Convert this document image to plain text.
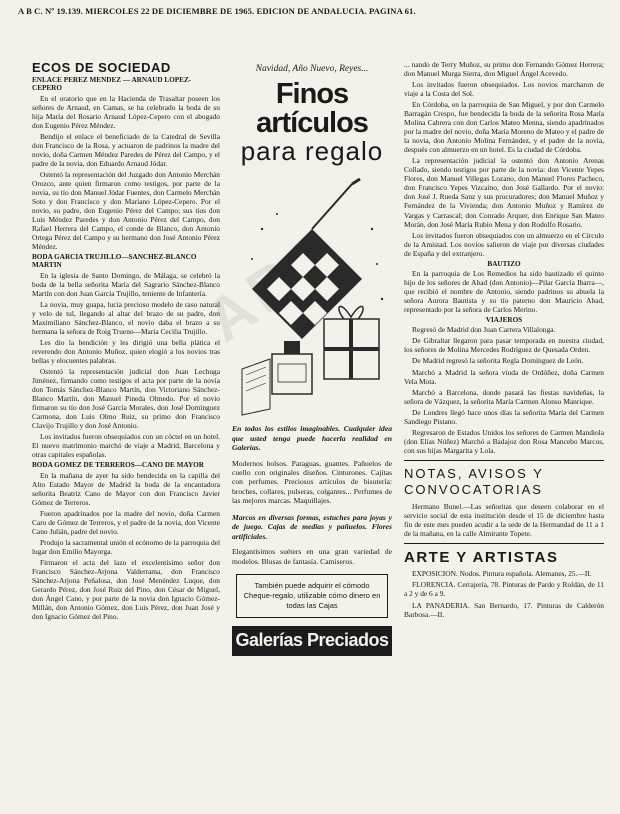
A B C. Nº 19.139. MIERCOLES 22 DE DICIEMBRE DE 1965. EDICION DE ANDALUCIA. PAGINA 61.
ECOS DE SOCIEDAD
ENLACE PEREZ MENDEZ — ARNAUD LOPEZ-CEPERO

En el oratorio que en la Hacienda de Trasaltar poseen los señores de Arnaud, en Camas, se ha celebrado la boda de su hija María del Rosario Arnaud López-Cepero con el abogado don Eugenio Pérez Méndez.

Bendijo el enlace el beneficiado de la Catedral de Sevilla don Francisco de la Rosa, y actuaron de padrinos la madre del novio, doña Carmen Méndez Paredes de Pérez del Campo, y el padre de la novia, don Eduardo Arnaud Jódar.

Ostentó la representación del Juzgado don Antonio Merchán Orozco, ante quien firmaron como testigos, por parte de la novia, su tío don Manuel Jódar Fuentes, don Carmelo Merchán Soto y don Francisco y don Mariano López-Cepero. Por el novio, su padre, don Eugenio Pérez del Campo; sus tíos don Luis Méndez Paredes y don Antonio Pérez del Campo, don Rafael Herrera del Campo, el conde de Blanco, don Antonio Ortega Pérez del Campo y su hermano don José Antonio Pérez Méndez.

BODA GARCIA TRUJILLO—SANCHEZ-BLANCO MARTIN

En la iglesia de Santo Domingo, de Málaga, se celebró la boda de la bella señorita María del Sagrario Sánchez-Blanco Martín con don Juan García Trujillo, teniente de Infantería.

La novia, muy guapa, lucía precioso modelo de raso natural y velo de tul, llegando al altar del brazo de su padre, don Maximiliano Sánchez-Blanco, el novio daba el brazo a su hermana la señora de Roig Trueno—María Cecilia Trujillo.

Les dio la bendición y les dirigió una bella plática el reverendo don Antonio Muñoz, quien elogió a los novios tras bellas y elocuentes palabras.

Ostentó la representación judicial don Juan Lechuga Jiménez, firmando como testigos el acta por parte de la novia don Tomás Sánchez-Blanco Martín, don Victoriano Sánchez-Blanco Martín, don Manuel Pineda Olmedo. Por el novio firmaron su tío don José García Morales, don José Domínguez Carmona, don Luis Olmo Ruiz, su primo don Francisco Clavijo Trujillo y don José Antonio.

Los invitados fueron obsequiados con un cóctel en un hotel. El nuevo matrimonio marchó de viaje a Madrid, Barcelona y otras capitales españolas.

BODA GOMEZ DE TERREROS—CANO DE MAYOR

En la mañana de ayer ha sido bendecida en la capilla del Alto Estado Mayor de Madrid la boda de la encantadora señorita Beatriz Cano de Mayor con don Francisco Javier Gómez de Terreros.

Fueron apadrinados por la madre del novio, doña Carmen Caro de Gómez de Terreros, y el padre de la novia, don Vicente Cano Julián, padre del novio.

Produjo la sacramental unión el ecónomo de la parroquia del lugar don Emilio Mayorga.

Firmaron el acta del lazo el excelentísimo señor don Francisco Sánchez-Arjona Valderrama, don Francisco Sánchez-Arjona Peñalosa, don José Menéndez Luque, don Gerardo Pérez, don José Ruiz del Pino, don César de Miguel, don Ángel Cano, y por parte de la novia don Ignacio Gómez-Millán, don Antonio Gómez, don Luis Pérez, don Juan José y don Ignacio Gómez del Pino.

Navidad, Año Nuevo, Reyes...
Finos artículos
para regalo

En todos los estilos imaginables. Cualquier idea que usted tenga puede hacerla realidad en Galerías.

Modernos bolsos. Paraguas, guantes. Pañuelos de cuello con originales diseños. Cinturones. Cajitas con perfumes. Preciosos artículos de bisutería: broches, collares, pulseras, colgantes... Perfumes de las mejores marcas. Maquillajes.

Marcos en diversas formas, estuches para joyas y de juego. Cajas de medias y pañuelos. Flores artificiales.

Elegantísimos suéters en una gran variedad de modelos. Blusas de fantasía. Camiseros.

También puede adquirir el cómodo Cheque-regalo, utilizable cómo dinero en todas las Cajas
Galerías Preciados

... nando de Terry Muñoz, su primo don Fernando Gómez Herrera; don Manuel Murga Sierra, don Miguel Ángel Acevedo.

Los invitados fueron obsequiados. Los novios marcharon de viaje a la Costa del Sol.

En Córdoba, en la parroquia de San Miguel, y por don Carmelo Barragán Crespo, fue bendecida la boda de la señorita Rosa María Molina Cabrera con don Carlos Mateo Menna, siendo apadrinados por la madre del novio, doña María Moreno de Mateo y el padre de la novia, don Antonio Molina Fernández, y el padre de la novia, después con almuerzo en un hotel. Es la ciudad de Córdoba.

La representación judicial la ostentó don Antonio Arenas Collado, siendo testigos por parte de la novia: don Vicente Yepes Flores, don Manuel Villegas Lozano, don Manuel Flores Pacheco, don Francisco Yepes Vizcaíno, don José Gallardo. Por el novio: don José J. Rueda Sanz y sus procuradores; don Manuel Muñoz y Fernández de la Vivienda; don Antonio Muñoz y Ramírez de Vargas y Carrascal; don Conrado Arquer, don Enrique San Mateo Morán, don José María Rubio Mena y don Rodolfo Rosario.

Los invitados fueron obsequiados con un almuerzo en el Círculo de la Amistad. Los novios salieron de viaje por diversas ciudades de España y del extranjero.

BAUTIZO

En la parroquia de Los Remedios ha sido bautizado el quinto hijo de los señores de Abad (don Antonio)—Pilar García Ibarra—, que recibió el nombre de Antonio, siendo padrinos su abuela la señora Aurora Bautista y su tío paterno don Mauricio Abad, representado por la señora de Carlos Merino.

VIAJEROS

Regresó de Madrid don Juan Carrera Villalonga.

De Gibraltar llegaron para pasar temporada en nuestra ciudad, los señores de Molina Mercedes Rodríguez de Quesada Orden.

De Madrid regresó la señorita Regla Domínguez de León.

Marchó a Madrid la señora viuda de Ordóñez, doña Carmen Vela Mota.

Marchó a Barcelona, donde pasará las fiestas navideñas, la señora de Vázquez, la señorita María Carmen Alonso Manrique.

De Londres llegó hace unos días la señorita María del Carmen Sandiego Pistano.

Regresaron de Estados Unidos los señores de Carmen Mandiola (don Elías Núñez) Marchó a Badajoz don Rosa Mancebo Marcos, con sus hijas Margarita y Lola.

NOTAS, AVISOS Y CONVOCATORIAS

Hermano Bunel.—Las señoritas que deseen colaborar en el servicio social de esta institución desde el 15 de diciembre hasta fin de este mes pueden acudir a la sede de la Hermandad de 11 a 1 de la mañana, en la calle Almirante Topete.

ARTE Y ARTISTAS

EXPOSICION. Nodos. Pintura española. Alemanes, 25.—II.

FLORENCIA. Cerrajería, 78. Pinturas de Pardo y Roldán, de 11 a 2 y de 6 a 9.

LA PANADERIA. San Bernardo, 17. Pinturas de Calderón Barbosa.—II.
